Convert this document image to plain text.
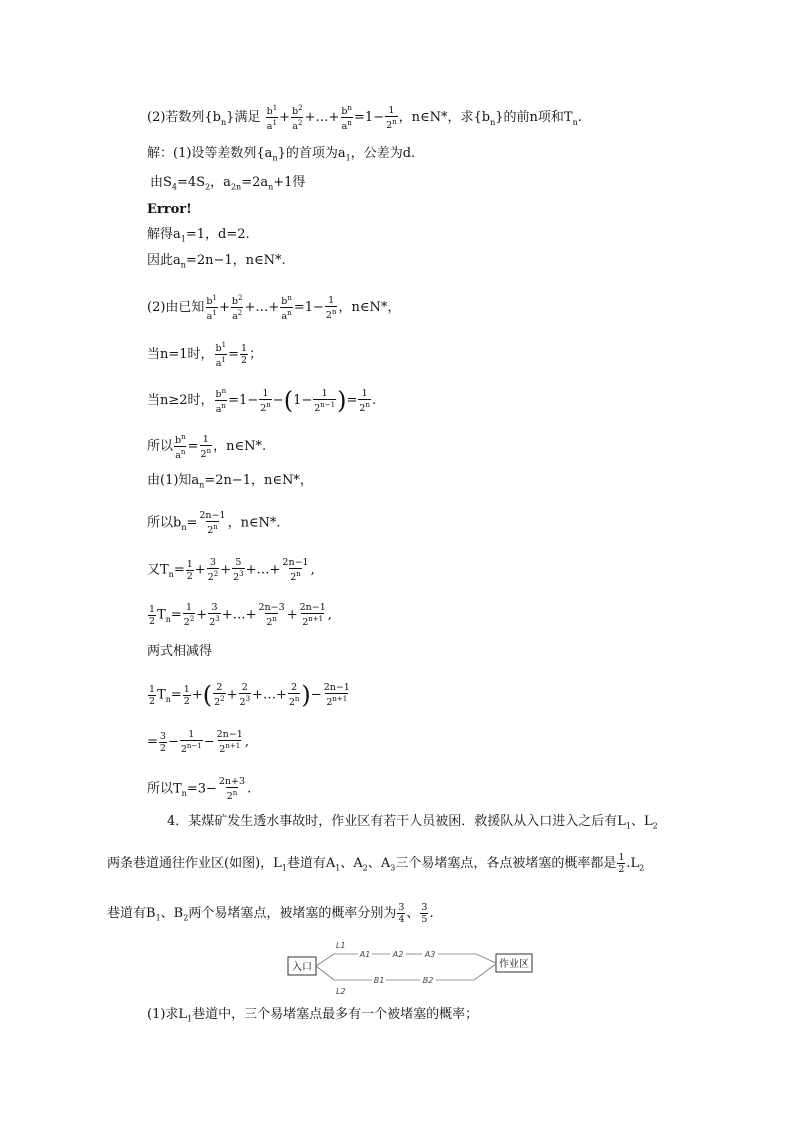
(2)若数列$\{b_n\}$满足 $\frac{b^1}{a^1} + \frac{b^2}{a^2}$ +…+ $\frac{b^n}{a^n} =1- \frac{1}{2^n}$ ，n∈N*，求$\{b_n\}$的前n项和$T_n$.
解：(1)设等差数列$\{a_n\}$的首项为$a_1$，公差为d.
由$S_4=4S_2$，$a_{2n}=2a_n+1$得
Error!
解得$a_1=1$，d=2.
因此$a_n=2n-1$，n∈N*.
(2)由已知 $\frac{b^1}{a^1} + \frac{b^2}{a^2}$ +…+ $\frac{b^n}{a^n} =1- \frac{1}{2^n}$ ，n∈N*，
当n=1时， $\frac{b^1}{a^1} = \frac{1}{2}$ ；
当n≥2时， $\frac{b^n}{a^n} =1- \frac{1}{2^n} -(1- \frac{1}{2^{n-1}}$ )= $\frac{1}{2^n}$ .
所以 $\frac{b^n}{a^n} = \frac{1}{2^n}$ ，n∈N*.
由(1)知$a_n=2n-1$，n∈N*，
所以$b_n= \frac{2n-1}{2^n}$ ，n∈N*.
又$T_n= \frac{1}{2} + \frac{3}{2^2} + \frac{5}{2^3}$ +…+ $\frac{2n-1}{2^n}$ ,
$\frac{1}{2} T_n= \frac{1}{2^2} + \frac{3}{2^3}$ +…+ $\frac{2n-3}{2^n} + \frac{2n-1}{2^{n+1}}$ ,
两式相减得
$\frac{1}{2} T_n= \frac{1}{2}$ +( $\frac{2}{2^2} + \frac{2}{2^3}$ +…+ $\frac{2}{2^n}$ )− $\frac{2n-1}{2^{n+1}}$
= $\frac{3}{2} - \frac{1}{2^{n-1}} - \frac{2n-1}{2^{n+1}}$ ,
所以$T_n=3- \frac{2n+3}{2^n}$ .
4．某煤矿发生透水事故时，作业区有若干人员被困．救援队从入口进入之后有$L_1$、$L_2$
两条巷道通往作业区(如图)，$L_1$巷道有$A_1$、$A_2$、$A_3$三个易堵塞点，各点被堵塞的概率都是 $\frac{1}{2} .L_2$
巷道有$B_1$、$B_2$两个易堵塞点，被堵塞的概率分别为 $\frac{3}{4}$ 、 $\frac{3}{5}$ .
入口	作业区
L1
L2
A1	A2	A3
B1	B2
(1)求$L_1$巷道中，三个易堵塞点最多有一个被堵塞的概率；
